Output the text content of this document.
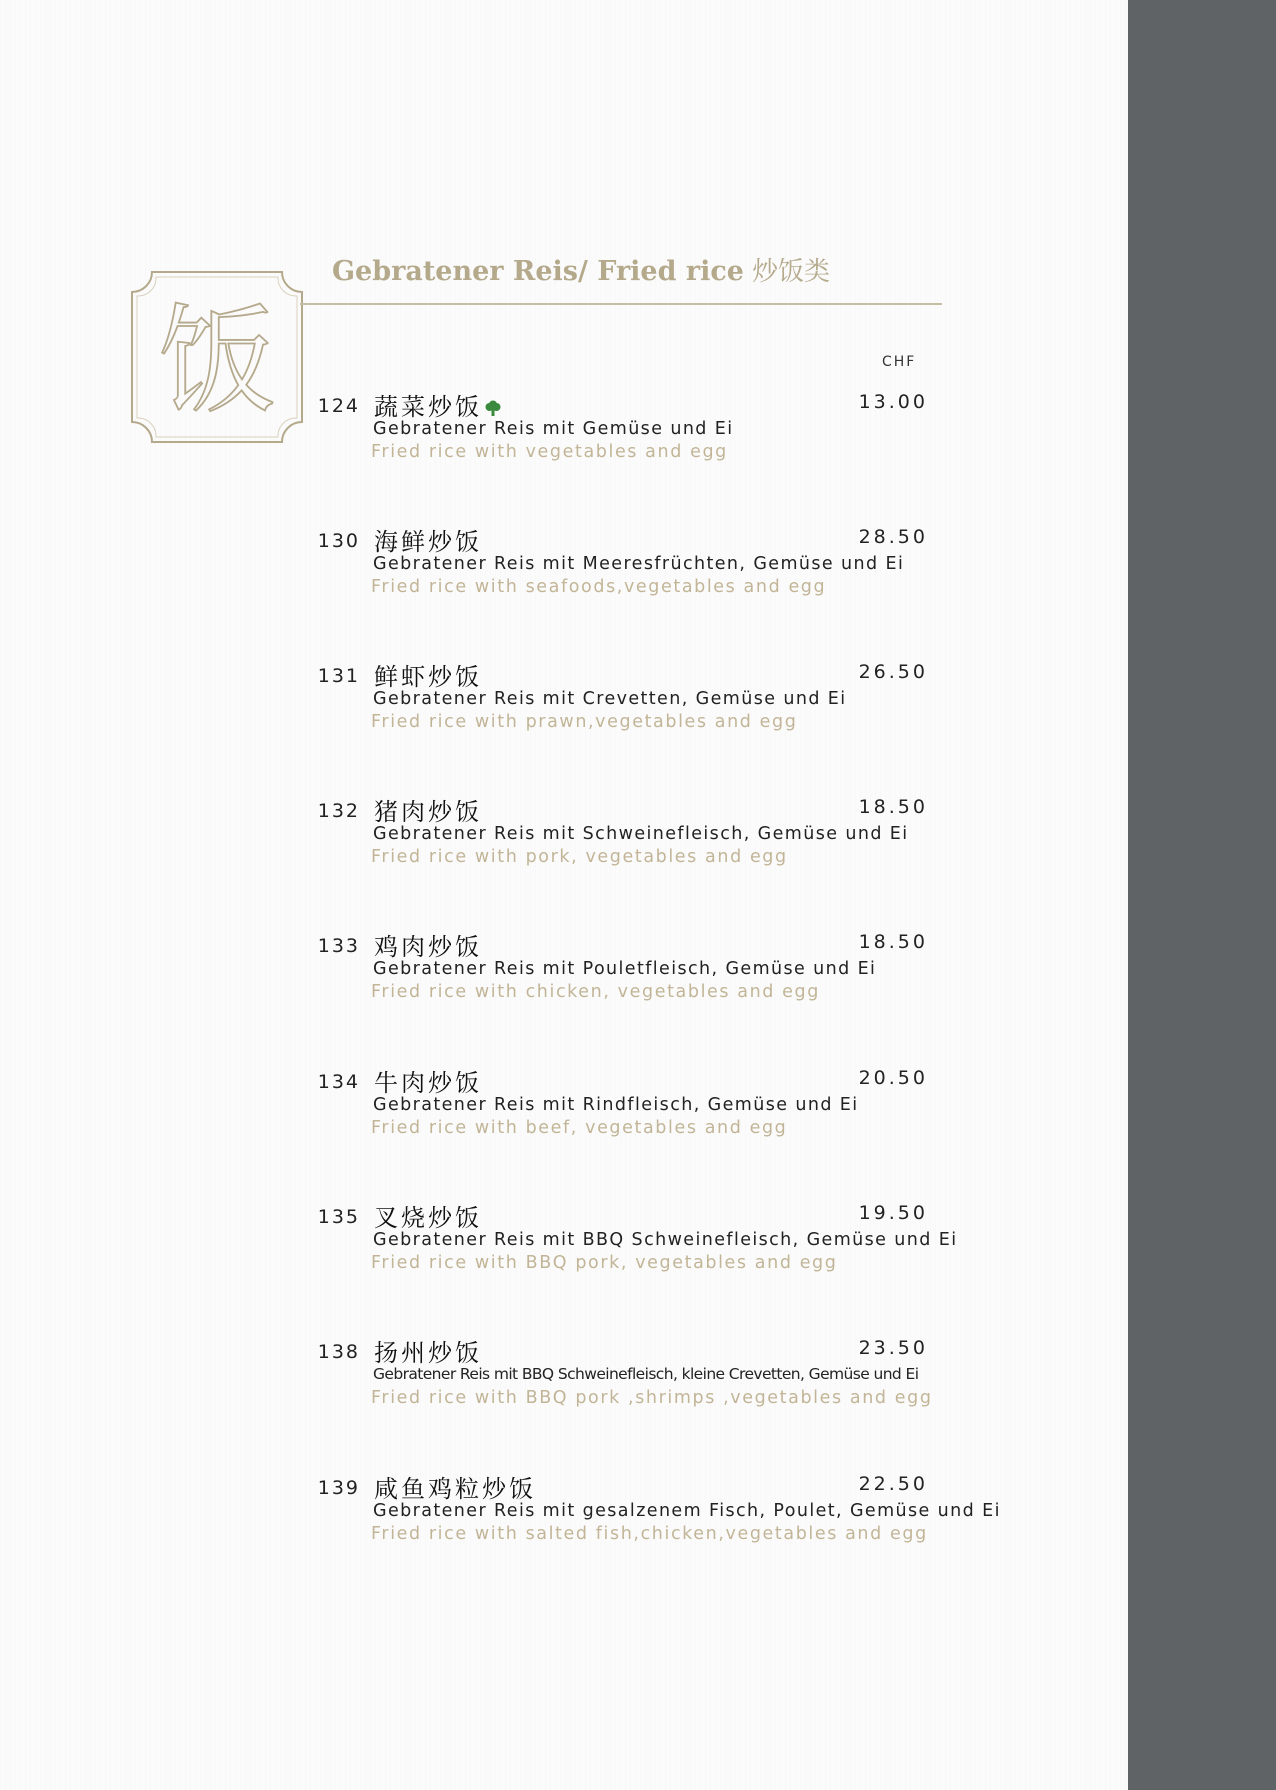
饭
Gebratener Reis/ Fried rice 炒饭类
CHF
124 蔬菜炒饭	13.00
Gebratener Reis mit Gemüse und Ei
Fried rice with vegetables and egg
130 海鲜炒饭	28.50
Gebratener Reis mit Meeresfrüchten, Gemüse und Ei
Fried rice with seafoods,vegetables and egg
131 鲜虾炒饭	26.50
Gebratener Reis mit Crevetten, Gemüse und Ei
Fried rice with prawn,vegetables and egg
132 猪肉炒饭	18.50
Gebratener Reis mit Schweinefleisch, Gemüse und Ei
Fried rice with pork, vegetables and egg
133 鸡肉炒饭	18.50
Gebratener Reis mit Pouletfleisch, Gemüse und Ei
Fried rice with chicken, vegetables and egg
134 牛肉炒饭	20.50
Gebratener Reis mit Rindfleisch, Gemüse und Ei
Fried rice with beef, vegetables and egg
135 叉烧炒饭	19.50
Gebratener Reis mit BBQ Schweinefleisch, Gemüse und Ei
Fried rice with BBQ pork, vegetables and egg
138 扬州炒饭	23.50
Gebratener Reis mit BBQ Schweinefleisch, kleine Crevetten, Gemüse und Ei
Fried rice with BBQ pork ,shrimps ,vegetables and egg
139 咸鱼鸡粒炒饭	22.50
Gebratener Reis mit gesalzenem Fisch, Poulet, Gemüse und Ei
Fried rice with salted fish,chicken,vegetables and egg
